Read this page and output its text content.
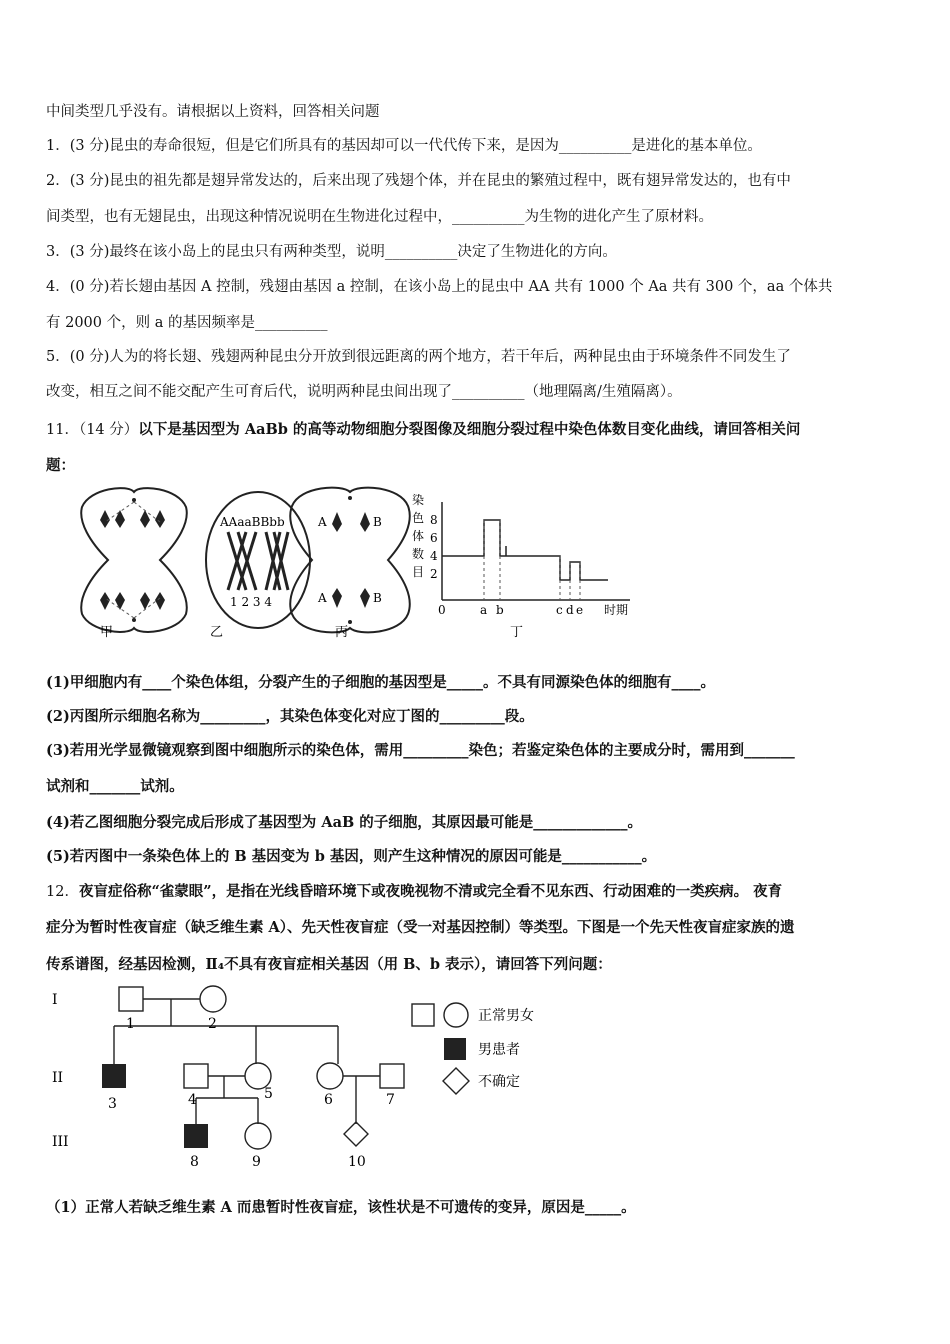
中间类型几乎没有。请根据以上资料，回答相关问题
1．(3 分)昆虫的寿命很短，但是它们所具有的基因却可以一代代传下来，是因为__________是进化的基本单位。
2．(3 分)昆虫的祖先都是翅异常发达的，后来出现了残翅个体，并在昆虫的繁殖过程中，既有翅异常发达的，也有中
间类型，也有无翅昆虫，出现这种情况说明在生物进化过程中，__________为生物的进化产生了原材料。
3．(3 分)最终在该小岛上的昆虫只有两种类型，说明__________决定了生物进化的方向。
4．(0 分)若长翅由基因 A 控制，残翅由基因 a 控制，在该小岛上的昆虫中 AA 共有 1000 个 Aa 共有 300 个，aa 个体共
有 2000 个，则 a 的基因频率是__________
5．(0 分)人为的将长翅、残翅两种昆虫分开放到很远距离的两个地方，若干年后，两种昆虫由于环境条件不同发生了
改变，相互之间不能交配产生可育后代，说明两种昆虫间出现了__________（地理隔离/生殖隔离）。
11．（14 分）以下是基因型为 AaBb 的高等动物细胞分裂图像及细胞分裂过程中染色体数目变化曲线，请回答相关问
题：
AAaaBBbb
1 2 3 4
A	B
A	B
染
色
体
数
目
8
6
4
2
0	a b	c d e 时期
甲	乙	丙	丁
(1)甲细胞内有____个染色体组，分裂产生的子细胞的基因型是_____。不具有同源染色体的细胞有____。
(2)丙图所示细胞名称为_________，其染色体变化对应丁图的_________段。
(3)若用光学显微镜观察到图中细胞所示的染色体，需用_________染色；若鉴定染色体的主要成分时，需用到_______
试剂和_______试剂。
(4)若乙图细胞分裂完成后形成了基因型为 AaB 的子细胞，其原因最可能是_____________。
(5)若丙图中一条染色体上的 B 基因变为 b 基因，则产生这种情况的原因可能是___________。
12．夜盲症俗称“雀蒙眼”，是指在光线昏暗环境下或夜晚视物不清或完全看不见东西、行动困难的一类疾病。 夜育
症分为暂时性夜盲症（缺乏维生素 A）、先天性夜盲症（受一对基因控制）等类型。下图是一个先天性夜盲症家族的遗
传系谱图，经基因检测，Ⅱ₄不具有夜盲症相关基因（用 B、b 表示），请回答下列问题：
I
II
III
1	2
3	4	5	6	7
8	9	10
正常男女
男患者
不确定
（1）正常人若缺乏维生素 A 而患暂时性夜盲症，该性状是不可遗传的变异，原因是_____。
